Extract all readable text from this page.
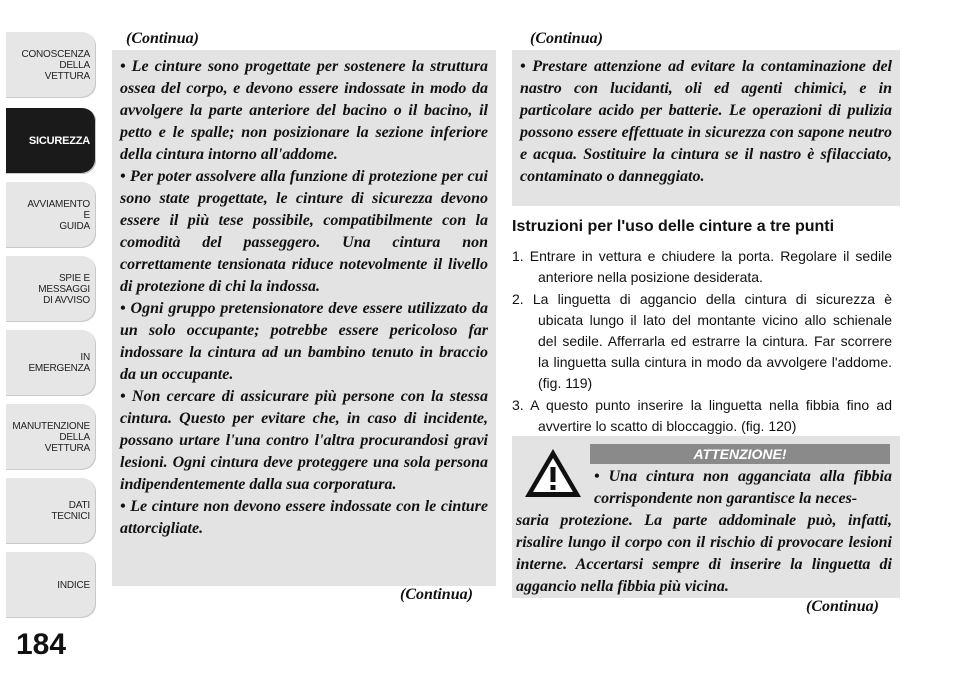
CONOSCENZA
DELLA
VETTURA
SICUREZZA
AVVIAMENTO
E
GUIDA
SPIE E
MESSAGGI
DI AVVISO
IN
EMERGENZA
MANUTENZIONE
DELLA
VETTURA
DATI
TECNICI
INDICE
184
(Continua)

• Le cinture sono progettate per sostenere la struttura ossea del corpo, e devono essere indossate in modo da avvolgere la parte anteriore del bacino o il bacino, il petto e le spalle; non posizionare la sezione inferiore della cintura intorno all'addome.

• Per poter assolvere alla funzione di protezione per cui sono state progettate, le cinture di sicurezza devono essere il più tese possibile, compatibilmente con la comodità del passeggero. Una cintura non correttamente tensionata riduce notevolmente il livello di protezione di chi la indossa.

• Ogni gruppo pretensionatore deve essere utilizzato da un solo occupante; potrebbe essere pericoloso far indossare la cintura ad un bambino tenuto in braccio da un occupante.

• Non cercare di assicurare più persone con la stessa cintura. Questo per evitare che, in caso di incidente, possano urtare l'una contro l'altra procurandosi gravi lesioni. Ogni cintura deve proteggere una sola persona indipendentemente dalla sua corporatura.

• Le cinture non devono essere indossate con le cinture attorcigliate.

(Continua)
(Continua)

• Prestare attenzione ad evitare la contaminazione del nastro con lucidanti, oli ed agenti chimici, e in particolare acido per batterie. Le operazioni di pulizia possono essere effettuate in sicurezza con sapone neutro e acqua. Sostituire la cintura se il nastro è sfilacciato, contaminato o danneggiato.

Istruzioni per l'uso delle cinture a tre punti
1. Entrare in vettura e chiudere la porta. Regolare il sedile anteriore nella posizione desiderata.
2. La linguetta di aggancio della cintura di sicurezza è ubicata lungo il lato del montante vicino allo schienale del sedile. Afferrarla ed estrarre la cintura. Far scorrere la linguetta sulla cintura in modo da avvolgere l'addome. (fig. 119)
3. A questo punto inserire la linguetta nella fibbia fino ad avvertire lo scatto di bloccaggio. (fig. 120)
ATTENZIONE!

• Una cintura non agganciata alla fibbia corrispondente non garantisce la neces-

saria protezione. La parte addominale può, infatti, risalire lungo il corpo con il rischio di provocare lesioni interne. Accertarsi sempre di inserire la linguetta di aggancio nella fibbia più vicina.

(Continua)
